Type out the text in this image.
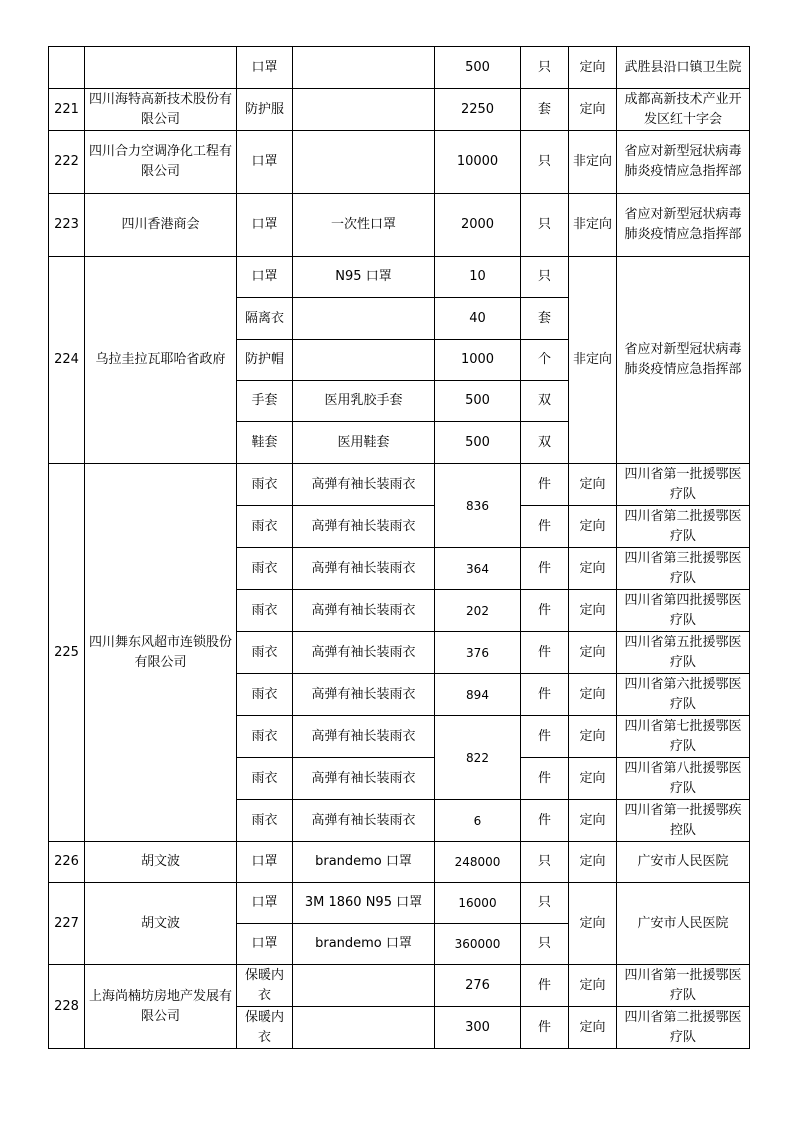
		口罩		500	只	定向	武胜县沿口镇卫生院
221	四川海特高新技术股份有限公司	防护服		2250	套	定向	成都高新技术产业开发区红十字会
222	四川合力空调净化工程有限公司	口罩		10000	只	非定向	省应对新型冠状病毒肺炎疫情应急指挥部
223	四川香港商会	口罩	一次性口罩	2000	只	非定向	省应对新型冠状病毒肺炎疫情应急指挥部
224	乌拉圭拉瓦耶哈省政府	口罩	N95 口罩	10	只	非定向	省应对新型冠状病毒肺炎疫情应急指挥部
		隔离衣		40	套		
		防护帽		1000	个		
		手套	医用乳胶手套	500	双		
		鞋套	医用鞋套	500	双		
225	四川舞东风超市连锁股份有限公司	雨衣	高弹有袖长装雨衣	836	件	定向	四川省第一批援鄂医疗队
		雨衣	高弹有袖长装雨衣		件	定向	四川省第二批援鄂医疗队
		雨衣	高弹有袖长装雨衣	364	件	定向	四川省第三批援鄂医疗队
		雨衣	高弹有袖长装雨衣	202	件	定向	四川省第四批援鄂医疗队
		雨衣	高弹有袖长装雨衣	376	件	定向	四川省第五批援鄂医疗队
		雨衣	高弹有袖长装雨衣	894	件	定向	四川省第六批援鄂医疗队
		雨衣	高弹有袖长装雨衣	822	件	定向	四川省第七批援鄂医疗队
		雨衣	高弹有袖长装雨衣		件	定向	四川省第八批援鄂医疗队
		雨衣	高弹有袖长装雨衣	6	件	定向	四川省第一批援鄂疾控队
226	胡文波	口罩	brandemo 口罩	248000	只	定向	广安市人民医院
227	胡文波	口罩	3M 1860 N95 口罩	16000	只	定向	广安市人民医院
		口罩	brandemo 口罩	360000	只		
228	上海尚楠坊房地产发展有限公司	保暖内衣		276	件	定向	四川省第一批援鄂医疗队
		保暖内衣		300	件	定向	四川省第二批援鄂医疗队
